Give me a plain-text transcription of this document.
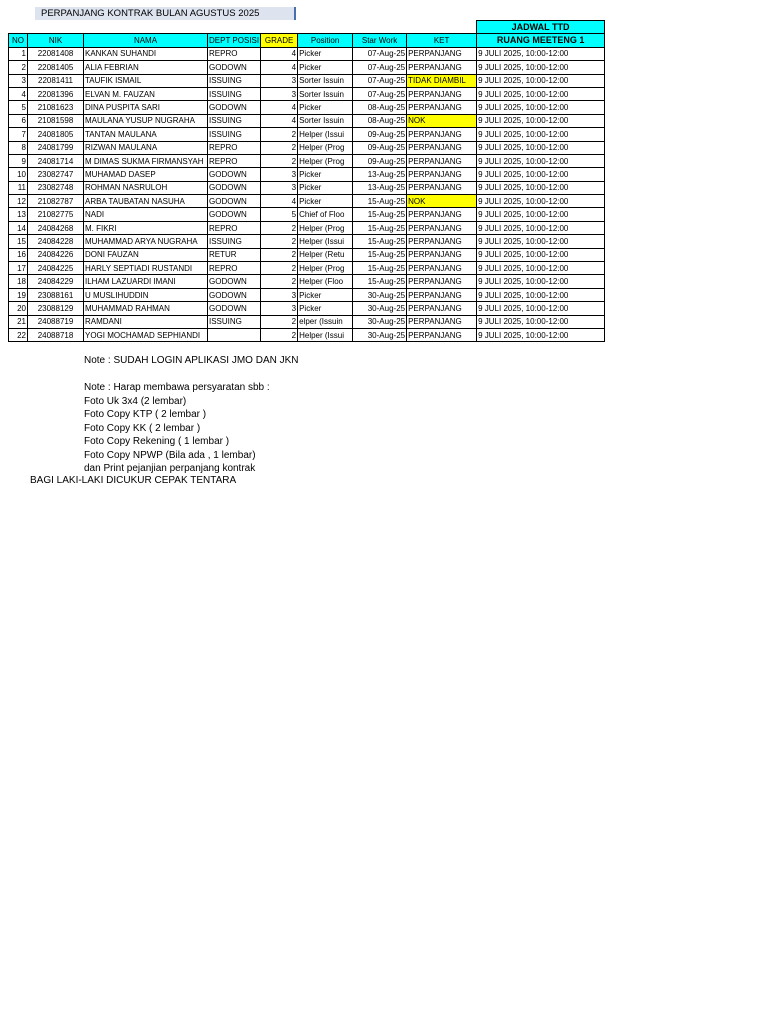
PERPANJANG KONTRAK BULAN AGUSTUS 2025
								JADWAL TTD
NO	NIK	NAMA	DEPT POSISI	GRADE	Position	Star Work	KET	RUANG MEETENG 1
1	22081408	KANKAN SUHANDI	REPRO	4	Picker	07-Aug-25	PERPANJANG	9 JULI 2025, 10:00-12:00
2	22081405	ALIA FEBRIAN	GODOWN	4	Picker	07-Aug-25	PERPANJANG	9 JULI 2025, 10:00-12:00
3	22081411	TAUFIK ISMAIL	ISSUING	3	Sorter Issuin	07-Aug-25	TIDAK DIAMBIL	9 JULI 2025, 10:00-12:00
4	22081396	ELVAN M. FAUZAN	ISSUING	3	Sorter Issuin	07-Aug-25	PERPANJANG	9 JULI 2025, 10:00-12:00
5	21081623	DINA PUSPITA SARI	GODOWN	4	Picker	08-Aug-25	PERPANJANG	9 JULI 2025, 10:00-12:00
6	21081598	MAULANA YUSUP NUGRAHA	ISSUING	4	Sorter Issuin	08-Aug-25	NOK	9 JULI 2025, 10:00-12:00
7	24081805	TANTAN MAULANA	ISSUING	2	Helper (Issui	09-Aug-25	PERPANJANG	9 JULI 2025, 10:00-12:00
8	24081799	RIZWAN MAULANA	REPRO	2	Helper (Prog	09-Aug-25	PERPANJANG	9 JULI 2025, 10:00-12:00
9	24081714	M DIMAS SUKMA FIRMANSYAH	REPRO	2	Helper (Prog	09-Aug-25	PERPANJANG	9 JULI 2025, 10:00-12:00
10	23082747	MUHAMAD DASEP	GODOWN	3	Picker	13-Aug-25	PERPANJANG	9 JULI 2025, 10:00-12:00
11	23082748	ROHMAN NASRULOH	GODOWN	3	Picker	13-Aug-25	PERPANJANG	9 JULI 2025, 10:00-12:00
12	21082787	ARBA TAUBATAN NASUHA	GODOWN	4	Picker	15-Aug-25	NOK	9 JULI 2025, 10:00-12:00
13	21082775	NADI	GODOWN	5	Chief of Floo	15-Aug-25	PERPANJANG	9 JULI 2025, 10:00-12:00
14	24084268	M. FIKRI	REPRO	2	Helper (Prog	15-Aug-25	PERPANJANG	9 JULI 2025, 10:00-12:00
15	24084228	MUHAMMAD ARYA NUGRAHA	ISSUING	2	Helper (Issui	15-Aug-25	PERPANJANG	9 JULI 2025, 10:00-12:00
16	24084226	DONI FAUZAN	RETUR	2	Helper (Retu	15-Aug-25	PERPANJANG	9 JULI 2025, 10:00-12:00
17	24084225	HARLY SEPTIADI RUSTANDI	REPRO	2	Helper (Prog	15-Aug-25	PERPANJANG	9 JULI 2025, 10:00-12:00
18	24084229	ILHAM LAZUARDI IMANI	GODOWN	2	Helper (Floo	15-Aug-25	PERPANJANG	9 JULI 2025, 10:00-12:00
19	23088161	U MUSLIHUDDIN	GODOWN	3	Picker	30-Aug-25	PERPANJANG	9 JULI 2025, 10:00-12:00
20	23088129	MUHAMMAD RAHMAN	GODOWN	3	Picker	30-Aug-25	PERPANJANG	9 JULI 2025, 10:00-12:00
21	24088719	RAMDANI	ISSUING	2	elper (Issuin	30-Aug-25	PERPANJANG	9 JULI 2025, 10:00-12:00
22	24088718	YOGI MOCHAMAD SEPHIANDI		2	Helper (Issui	30-Aug-25	PERPANJANG	9 JULI 2025, 10:00-12:00
Note : SUDAH LOGIN APLIKASI JMO DAN JKN
Note : Harap membawa persyaratan sbb :
Foto Uk 3x4 (2 lembar)
Foto Copy KTP ( 2 lembar )
Foto Copy KK ( 2 lembar )
Foto Copy Rekening ( 1 lembar )
Foto Copy NPWP (Bila ada , 1 lembar)
dan Print pejanjian perpanjang kontrak
BAGI LAKI-LAKI DICUKUR CEPAK TENTARA
